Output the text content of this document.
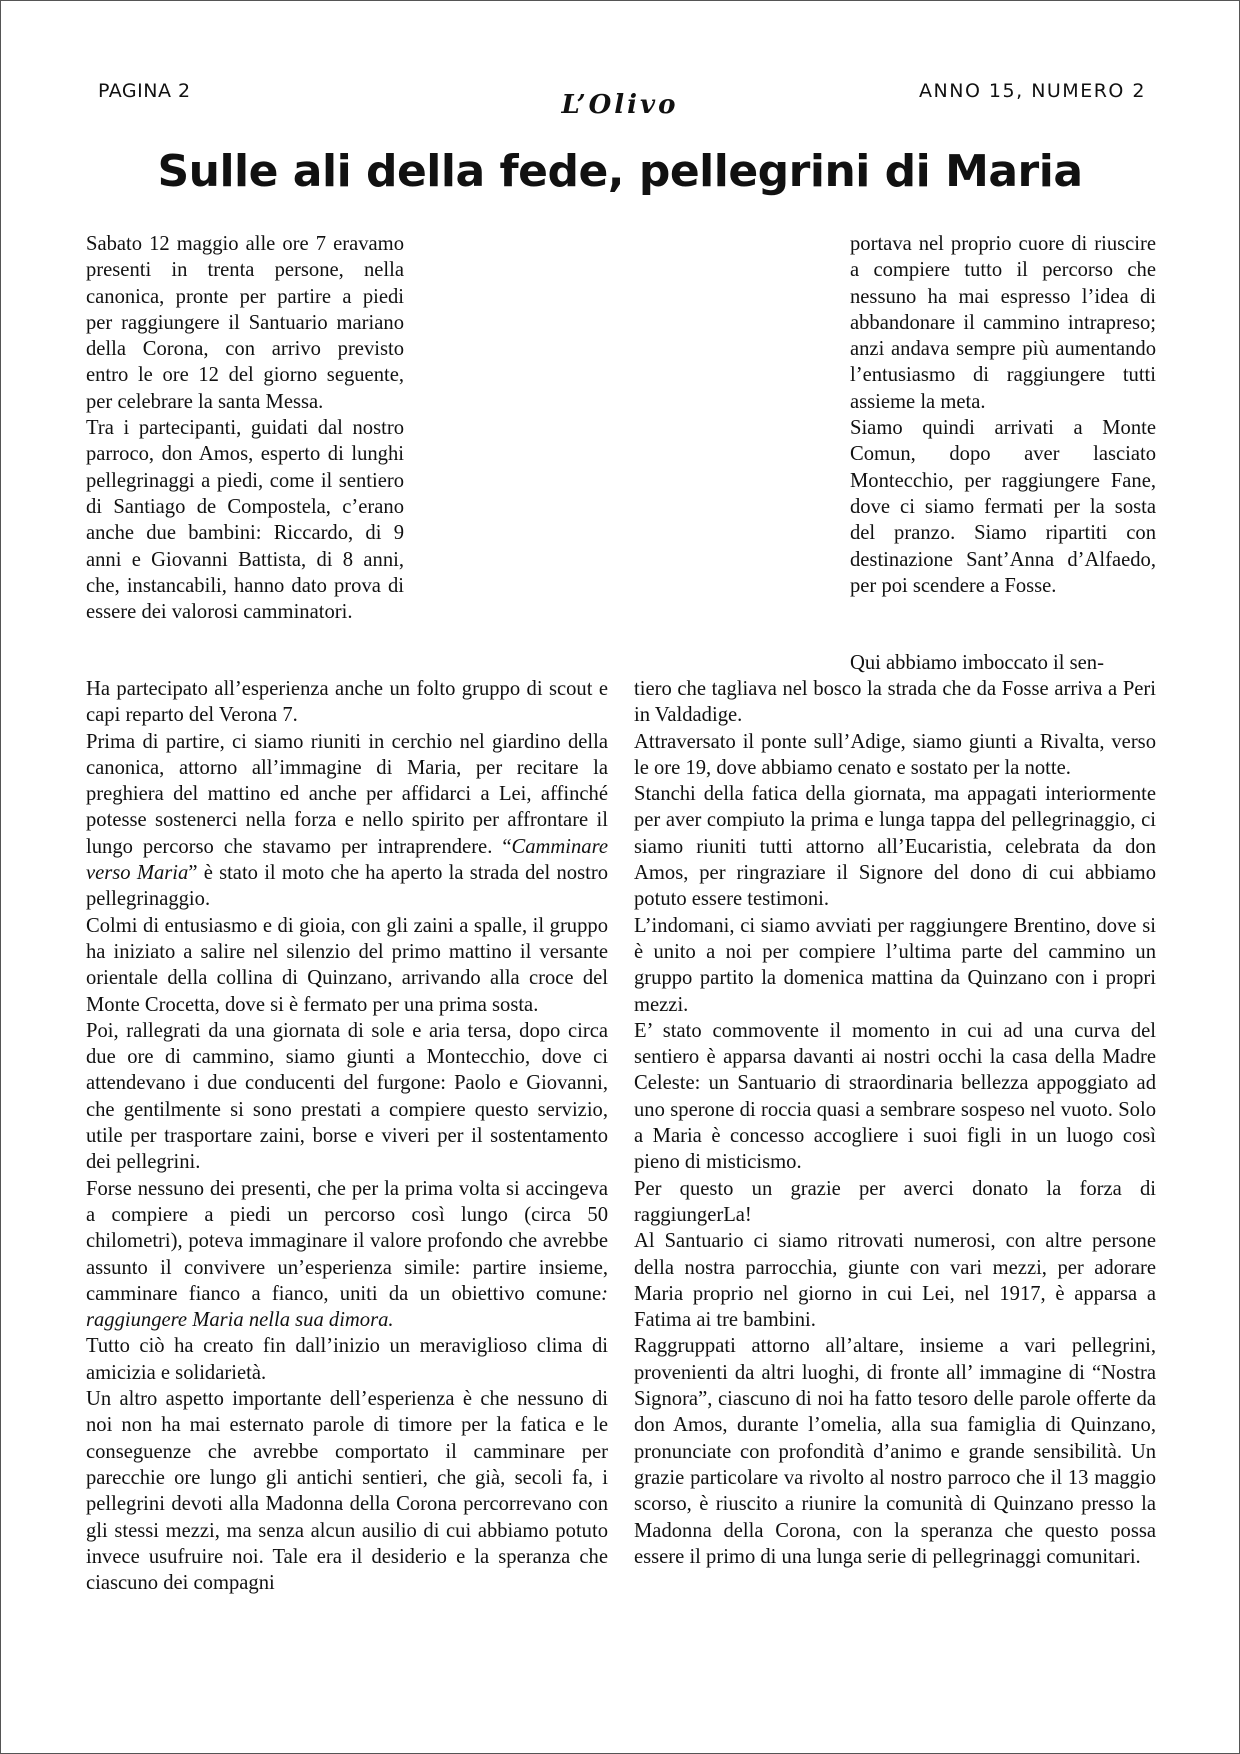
PAGINA 2	L’Olivo	ANNO 15, NUMERO 2
Sulle ali della fede, pellegrini di Maria

Sabato 12 maggio alle ore 7 eravamo presenti in trenta persone, nella canonica, pronte per partire a piedi per raggiungere il Santuario mariano della Corona, con arrivo previsto entro le ore 12 del giorno seguente, per celebrare la santa Messa.

Tra i partecipanti, guidati dal nostro parroco, don Amos, esperto di lunghi pellegrinaggi a piedi, come il sentiero di Santiago de Compostela, c’erano anche due bambini: Riccardo, di 9 anni e Giovanni Battista, di 8 anni, che, instancabili, hanno dato prova di essere dei valorosi camminatori.

Ha partecipato all’esperienza anche un folto gruppo di scout e capi reparto del Verona 7.

Prima di partire, ci siamo riuniti in cerchio nel giardino della canonica, attorno all’immagine di Maria, per recitare la preghiera del mattino ed anche per affidarci a Lei, affinché potesse sostenerci nella forza e nello spirito per affrontare il lungo percorso che stavamo per intraprendere. “Camminare verso Maria” è stato il moto che ha aperto la strada del nostro pellegrinaggio.

Colmi di entusiasmo e di gioia, con gli zaini a spalle, il gruppo ha iniziato a salire nel silenzio del primo mattino il versante orientale della collina di Quinzano, arrivando alla croce del Monte Crocetta, dove si è fermato per una prima sosta.

Poi, rallegrati da una giornata di sole e aria tersa, dopo circa due ore di cammino, siamo giunti a Montecchio, dove ci attendevano i due conducenti del furgone: Paolo e Giovanni, che gentilmente si sono prestati a compiere questo servizio, utile per trasportare zaini, borse e viveri per il sostentamento dei pellegrini.

Forse nessuno dei presenti, che per la prima volta si accingeva a compiere a piedi un percorso così lungo (circa 50 chilometri), poteva immaginare il valore profondo che avrebbe assunto il convivere un’esperienza simile: partire insieme, camminare fianco a fianco, uniti da un obiettivo comune: raggiungere Maria nella sua dimora.

Tutto ciò ha creato fin dall’inizio un meraviglioso clima di amicizia e solidarietà.

Un altro aspetto importante dell’esperienza è che nessuno di noi non ha mai esternato parole di timore per la fatica e le conseguenze che avrebbe comportato il camminare per parecchie ore lungo gli antichi sentieri, che già, secoli fa, i pellegrini devoti alla Madonna della Corona percorrevano con gli stessi mezzi, ma senza alcun ausilio di cui abbiamo potuto invece usufruire noi. Tale era il desiderio e la speranza che ciascuno dei compagni

portava nel proprio cuore di riuscire a compiere tutto il percorso che nessuno ha mai espresso l’idea di abbandonare il cammino intrapreso; anzi andava sempre più aumentando l’entusiasmo di raggiungere tutti assieme la meta.

Siamo quindi arrivati a Monte Comun, dopo aver lasciato Montecchio, per raggiungere Fane, dove ci siamo fermati per la sosta del pranzo. Siamo ripartiti con destinazione Sant’Anna d’Alfaedo, per poi scendere a Fosse.

Qui abbiamo imboccato il sen-

tiero che tagliava nel bosco la strada che da Fosse arriva a Peri in Valdadige.

Attraversato il ponte sull’Adige, siamo giunti a Rivalta, verso le ore 19, dove abbiamo cenato e sostato per la notte.

Stanchi della fatica della giornata, ma appagati interiormente per aver compiuto la prima e lunga tappa del pellegrinaggio, ci siamo riuniti tutti attorno all’Eucaristia, celebrata da don Amos, per ringraziare il Signore del dono di cui abbiamo potuto essere testimoni.

L’indomani, ci siamo avviati per raggiungere Brentino, dove si è unito a noi per compiere l’ultima parte del cammino un gruppo partito la domenica mattina da Quinzano con i propri mezzi.

E’ stato commovente il momento in cui ad una curva del sentiero è apparsa davanti ai nostri occhi la casa della Madre Celeste: un Santuario di straordinaria bellezza appoggiato ad uno sperone di roccia quasi a sembrare sospeso nel vuoto. Solo a Maria è concesso accogliere i suoi figli in un luogo così pieno di misticismo.

Per questo un grazie per averci donato la forza di raggiungerLa!

Al Santuario ci siamo ritrovati numerosi, con altre persone della nostra parrocchia, giunte con vari mezzi, per adorare Maria proprio nel giorno in cui Lei, nel 1917, è apparsa a Fatima ai tre bambini.

Raggruppati attorno all’altare, insieme a vari pellegrini, provenienti da altri luoghi, di fronte all’ immagine di “Nostra Signora”, ciascuno di noi ha fatto tesoro delle parole offerte da don Amos, durante l’omelia, alla sua famiglia di Quinzano, pronunciate con profondità d’animo e grande sensibilità. Un grazie particolare va rivolto al nostro parroco che il 13 maggio scorso, è riuscito a riunire la comunità di Quinzano presso la Madonna della Corona, con la speranza che questo possa essere il primo di una lunga serie di pellegrinaggi comunitari.
